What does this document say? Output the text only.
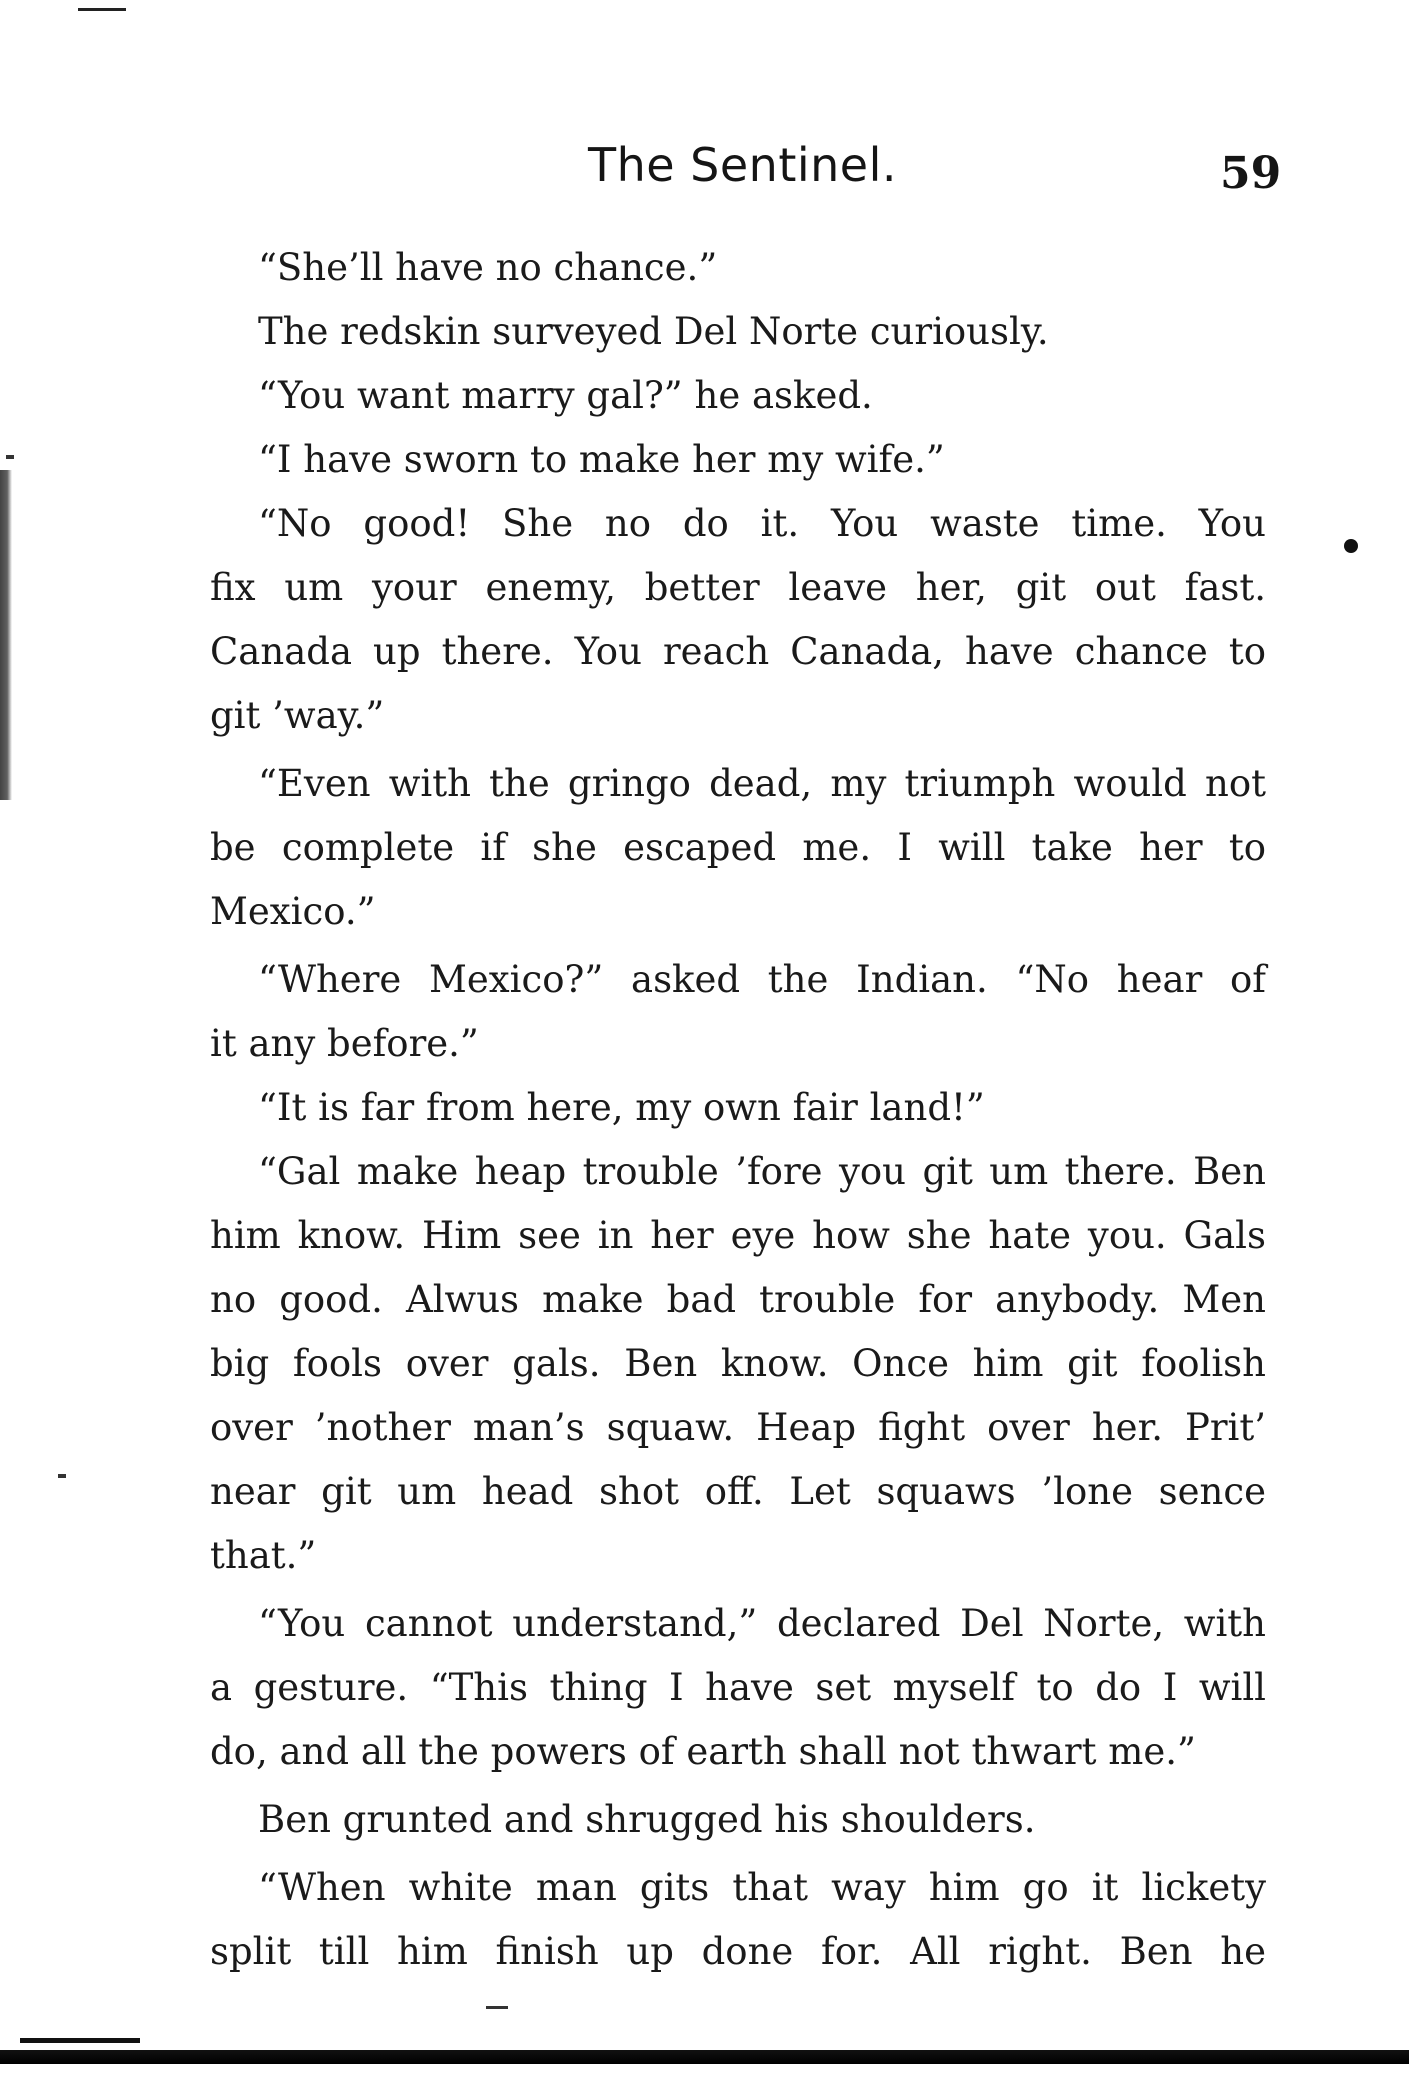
The Sentinel.	59
“She’ll have no chance.”
The redskin surveyed Del Norte curiously.
“You want marry gal?” he asked.
“I have sworn to make her my wife.”
“No good! She no do it. You waste time. You
fix um your enemy, better leave her, git out fast.
Canada up there. You reach Canada, have chance to
git ’way.”
“Even with the gringo dead, my triumph would not
be complete if she escaped me. I will take her to
Mexico.”
“Where Mexico?” asked the Indian. “No hear of
it any before.”
“It is far from here, my own fair land!”
“Gal make heap trouble ’fore you git um there. Ben
him know. Him see in her eye how she hate you. Gals
no good. Alwus make bad trouble for anybody. Men
big fools over gals. Ben know. Once him git foolish
over ’nother man’s squaw. Heap fight over her. Prit’
near git um head shot off. Let squaws ’lone sence
that.”
“You cannot understand,” declared Del Norte, with
a gesture. “This thing I have set myself to do I will
do, and all the powers of earth shall not thwart me.”
Ben grunted and shrugged his shoulders.
“When white man gits that way him go it lickety
split till him finish up done for. All right. Ben he
